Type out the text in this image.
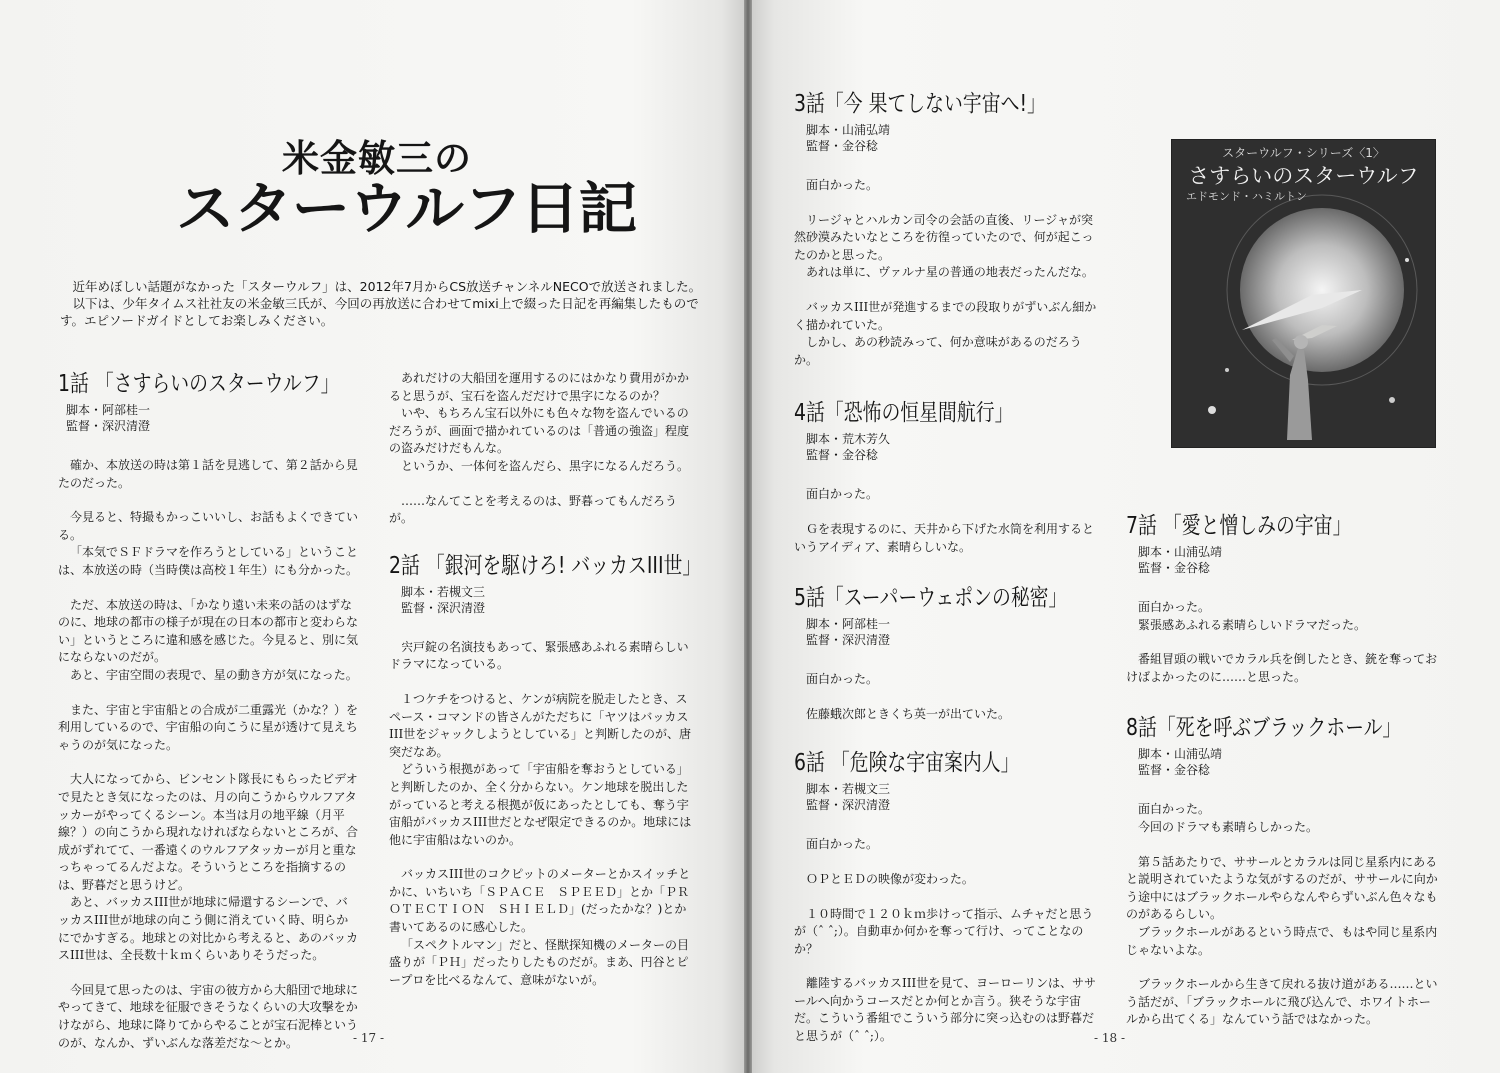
米金敏三の
スターウルフ日記

近年めぼしい話題がなかった「スターウルフ」は、2012年7月からCS放送チャンネルNECOで放送されました。

以下は、少年タイムス社社友の米金敏三氏が、今回の再放送に合わせてmixi上で綴った日記を再編集したものです。エピソードガイドとしてお楽しみください。

1話 「さすらいのスターウルフ」
脚本・阿部桂一
監督・深沢清澄

確か、本放送の時は第１話を見逃して、第２話から見たのだった。

今見ると、特撮もかっこいいし、お話もよくできている。

「本気でＳＦドラマを作ろうとしている」ということは、本放送の時（当時僕は高校１年生）にも分かった。

ただ、本放送の時は、「かなり遠い未来の話のはずなのに、地球の都市の様子が現在の日本の都市と変わらない」というところに違和感を感じた。今見ると、別に気にならないのだが。

あと、宇宙空間の表現で、星の動き方が気になった。

また、宇宙と宇宙船との合成が二重露光（かな？）を利用しているので、宇宙船の向こうに星が透けて見えちゃうのが気になった。

大人になってから、ビンセント隊長にもらったビデオで見たとき気になったのは、月の向こうからウルフアタッカーがやってくるシーン。本当は月の地平線（月平線？）の向こうから現れなければならないところが、合成がずれてて、一番遠くのウルフアタッカーが月と重なっちゃってるんだよな。そういうところを指摘するのは、野暮だと思うけど。

あと、バッカスIII世が地球に帰還するシーンで、バッカスIII世が地球の向こう側に消えていく時、明らかにでかすぎる。地球との対比から考えると、あのバッカスIII世は、全長数十ｋｍくらいありそうだった。

今回見て思ったのは、宇宙の彼方から大船団で地球にやってきて、地球を征服できそうなくらいの大攻撃をかけながら、地球に降りてからやることが宝石泥棒というのが、なんか、ずいぶんな落差だな〜とか。

あれだけの大船団を運用するのにはかなり費用がかかると思うが、宝石を盗んだだけで黒字になるのか？

いや、もちろん宝石以外にも色々な物を盗んでいるのだろうが、画面で描かれているのは「普通の強盗」程度の盗みだけだもんな。

というか、一体何を盗んだら、黒字になるんだろう。

……なんてことを考えるのは、野暮ってもんだろうが。

2話 「銀河を駆けろ! バッカスIII世」
脚本・若槻文三
監督・深沢清澄

宍戸錠の名演技もあって、緊張感あふれる素晴らしいドラマになっている。

１つケチをつけると、ケンが病院を脱走したとき、スペース・コマンドの皆さんがただちに「ヤツはバッカスIII世をジャックしようとしている」と判断したのが、唐突だなあ。

どういう根拠があって「宇宙船を奪おうとしている」と判断したのか、全く分からない。ケン地球を脱出したがっていると考える根拠が仮にあったとしても、奪う宇宙船がバッカスIII世だとなぜ限定できるのか。地球には他に宇宙船はないのか。

バッカスIII世のコクピットのメーターとかスイッチとかに、いちいち「ＳＰＡＣＥ　ＳＰＥＥＤ」とか「ＰＲＯＴＥＣＴＩＯＮ　ＳＨＩＥＬＤ」(だったかな？)とか書いてあるのに感心した。

「スペクトルマン」だと、怪獣探知機のメーターの目盛りが「ＰＨ」だったりしたものだが。まあ、円谷とピープロを比べるなんて、意味がないが。

- 17 -	- 18 -
3話「今 果てしない宇宙へ!」
脚本・山浦弘靖
監督・金谷稔

面白かった。

リージャとハルカン司令の会話の直後、リージャが突然砂漠みたいなところを彷徨っていたので、何が起こったのかと思った。

あれは単に、ヴァルナ星の普通の地表だったんだな。

バッカスIII世が発進するまでの段取りがずいぶん細かく描かれていた。

しかし、あの秒読みって、何か意味があるのだろうか。

4話「恐怖の恒星間航行」
脚本・荒木芳久
監督・金谷稔

面白かった。

Ｇを表現するのに、天井から下げた水筒を利用するというアイディア、素晴らしいな。

5話「スーパーウェポンの秘密」
脚本・阿部桂一
監督・深沢清澄

面白かった。

佐藤蛾次郎ときくち英一が出ていた。

6話 「危険な宇宙案内人」
脚本・若槻文三
監督・深沢清澄

面白かった。

ＯＰとＥＤの映像が変わった。

１０時間で１２０ｋｍ歩けって指示、ムチャだと思うが（ˆ ˆ;）。自動車か何かを奪って行け、ってことなのか？

離陸するバッカスIII世を見て、ヨーローリンは、ササールへ向かうコースだとか何とか言う。狭そうな宇宙だ。こういう番組でこういう部分に突っ込むのは野暮だと思うが（ˆ ˆ;）。

スターウルフ・シリーズ〈1〉
さすらいのスターウルフ
エドモンド・ハミルトン
7話 「愛と憎しみの宇宙」
脚本・山浦弘靖
監督・金谷稔

面白かった。

緊張感あふれる素晴らしいドラマだった。

番組冒頭の戦いでカラル兵を倒したとき、銃を奪っておけばよかったのに……と思った。

8話「死を呼ぶブラックホール」
脚本・山浦弘靖
監督・金谷稔

面白かった。

今回のドラマも素晴らしかった。

第５話あたりで、ササールとカラルは同じ星系内にあると説明されていたような気がするのだが、ササールに向かう途中にはブラックホールやらなんやらずいぶん色々なものがあるらしい。

ブラックホールがあるという時点で、もはや同じ星系内じゃないよな。

ブラックホールから生きて戻れる抜け道がある……という話だが、「ブラックホールに飛び込んで、ホワイトホールから出てくる」なんていう話ではなかった。
